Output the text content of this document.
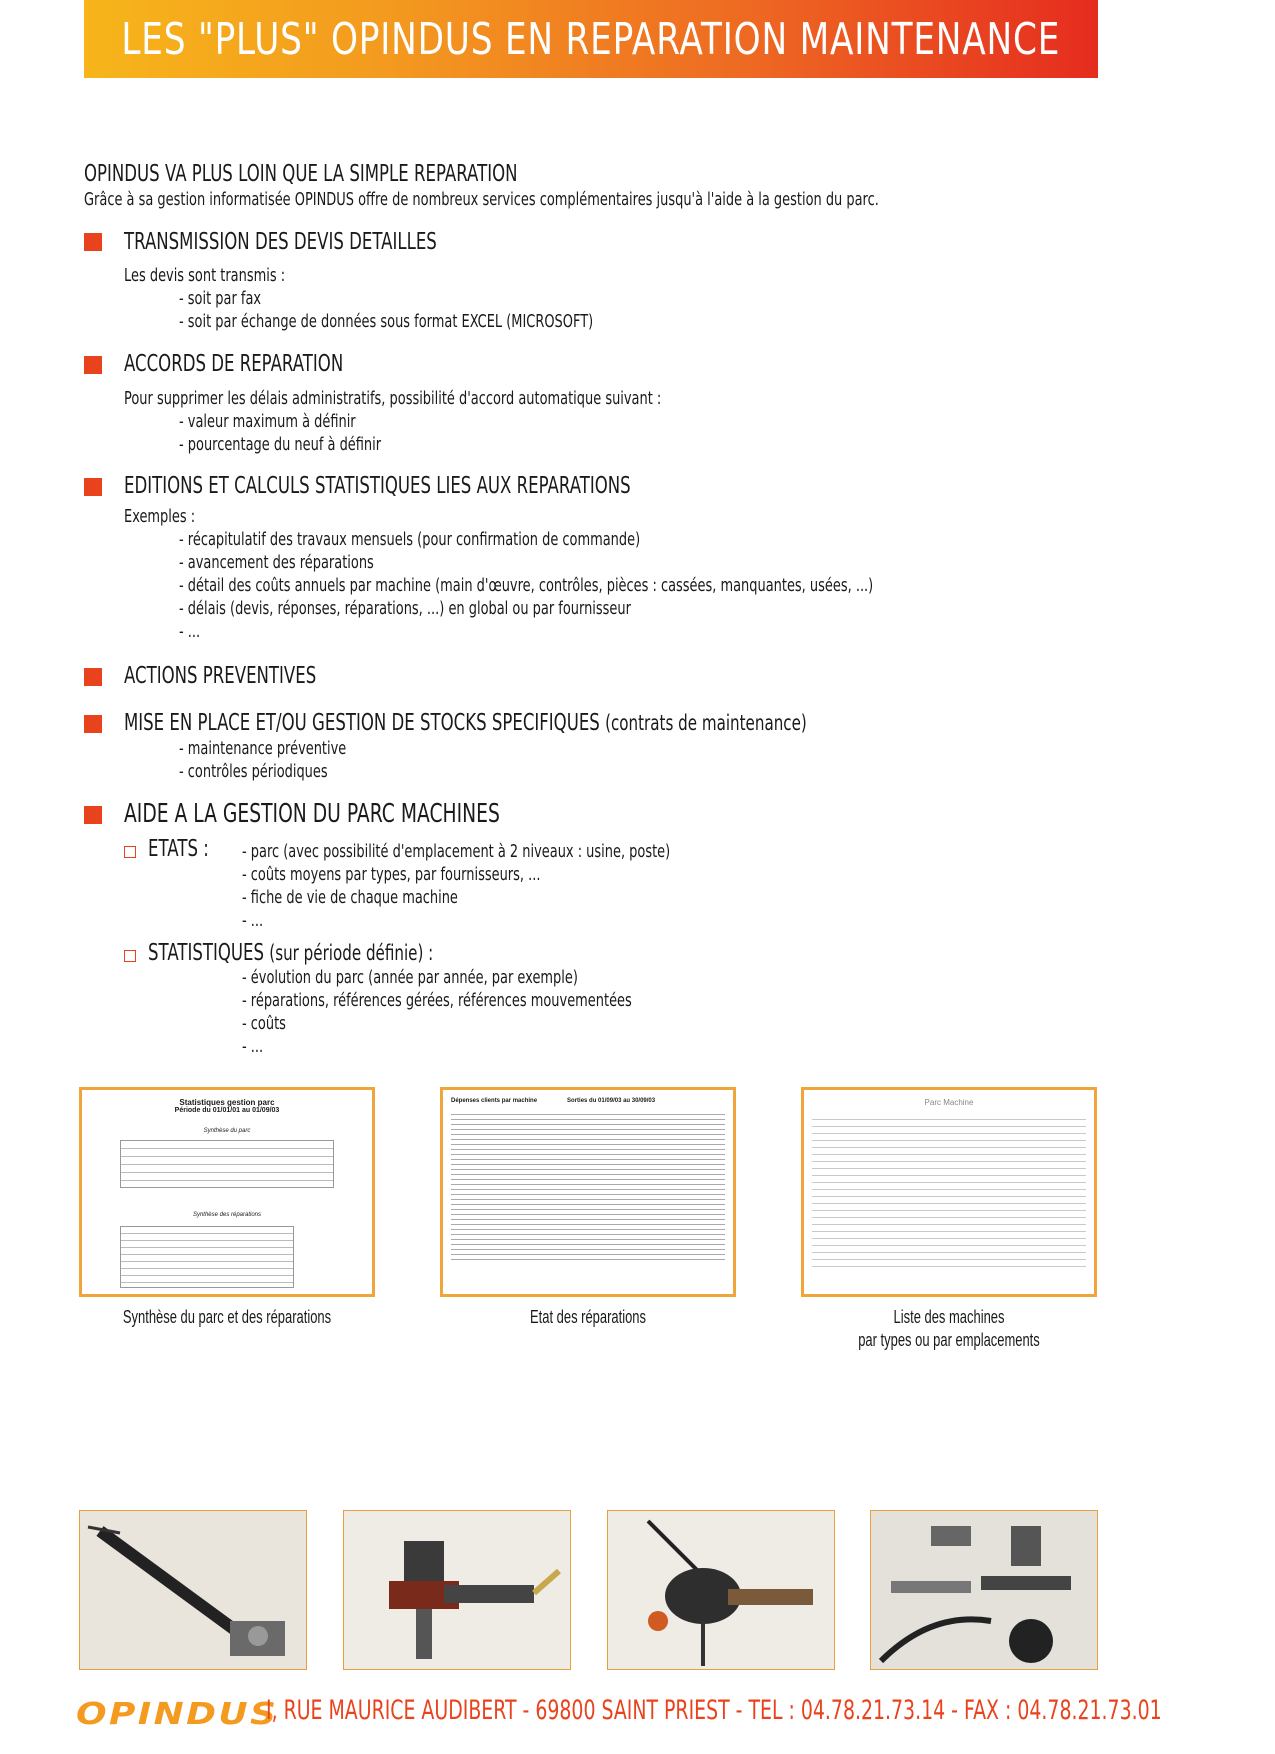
LES "PLUS" OPINDUS EN REPARATION MAINTENANCE
OPINDUS VA PLUS LOIN QUE LA SIMPLE REPARATION
Grâce à sa gestion informatisée OPINDUS offre de nombreux services complémentaires jusqu'à l'aide à la gestion du parc.
TRANSMISSION DES DEVIS DETAILLES
Les devis sont transmis :
- soit par fax
- soit par échange de données sous format EXCEL (MICROSOFT)
ACCORDS DE REPARATION
Pour supprimer les délais administratifs, possibilité d'accord automatique suivant :
- valeur maximum à définir
- pourcentage du neuf à définir
EDITIONS ET CALCULS STATISTIQUES LIES AUX REPARATIONS
Exemples :
- récapitulatif des travaux mensuels (pour confirmation de commande)
- avancement des réparations
- détail des coûts annuels par machine (main d'œuvre, contrôles, pièces : cassées, manquantes, usées, ...)
- délais (devis, réponses, réparations, ...) en global ou par fournisseur
- ...
ACTIONS PREVENTIVES
MISE EN PLACE ET/OU GESTION DE STOCKS SPECIFIQUES (contrats de maintenance)
- maintenance préventive
- contrôles périodiques
AIDE A LA GESTION DU PARC MACHINES
ETATS : - parc (avec possibilité d'emplacement à 2 niveaux : usine, poste)
- coûts moyens par types, par fournisseurs, ...
- fiche de vie de chaque machine
- ...
STATISTIQUES (sur période définie) :
- évolution du parc (année par année, par exemple)
- réparations, références gérées, références mouvementées
- coûts
- ...
Statistiques gestion parc
Période du 01/01/01 au 01/09/03
Synthèse du parc
Synthèse des réparations
Synthèse du parc et des réparations
Dépenses clients par machine	Sorties du 01/09/03 au 30/09/03
Etat des réparations
Parc Machine
Liste des machines
par types ou par emplacements
OPINDUS
I, RUE MAURICE AUDIBERT - 69800 SAINT PRIEST - TEL : 04.78.21.73.14 - FAX : 04.78.21.73.01
